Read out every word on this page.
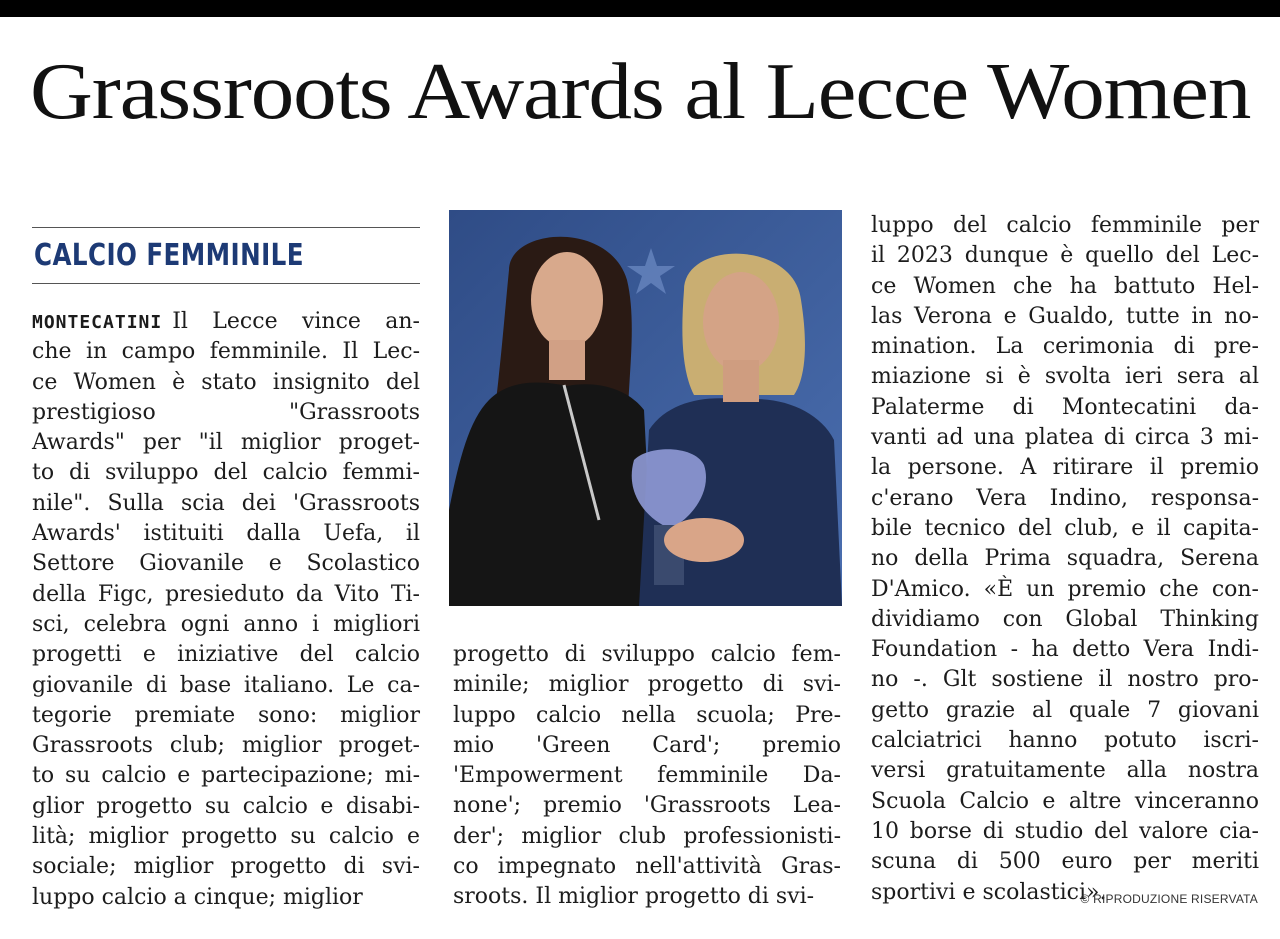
Grassroots Awards al Lecce Women
CALCIO FEMMINILE
MONTECATINI Il Lecce vince an-
che in campo femminile. Il Lec-
ce Women è stato insignito del
prestigioso "Grassroots
Awards" per "il miglior proget-
to di sviluppo del calcio femmi-
nile". Sulla scia dei 'Grassroots
Awards' istituiti dalla Uefa, il
Settore Giovanile e Scolastico
della Figc, presieduto da Vito Ti-
sci, celebra ogni anno i migliori
progetti e iniziative del calcio
giovanile di base italiano. Le ca-
tegorie premiate sono: miglior
Grassroots club; miglior proget-
to su calcio e partecipazione; mi-
glior progetto su calcio e disabi-
lità; miglior progetto su calcio e
sociale; miglior progetto di svi-
luppo calcio a cinque; miglior
progetto di sviluppo calcio fem-
minile; miglior progetto di svi-
luppo calcio nella scuola; Pre-
mio 'Green Card'; premio
'Empowerment femminile Da-
none'; premio 'Grassroots Lea-
der'; miglior club professionisti-
co impegnato nell'attività Gras-
sroots. Il miglior progetto di svi-
luppo del calcio femminile per
il 2023 dunque è quello del Lec-
ce Women che ha battuto Hel-
las Verona e Gualdo, tutte in no-
mination. La cerimonia di pre-
miazione si è svolta ieri sera al
Palaterme di Montecatini da-
vanti ad una platea di circa 3 mi-
la persone. A ritirare il premio
c'erano Vera Indino, responsa-
bile tecnico del club, e il capita-
no della Prima squadra, Serena
D'Amico. «È un premio che con-
dividiamo con Global Thinking
Foundation - ha detto Vera Indi-
no -. Glt sostiene il nostro pro-
getto grazie al quale 7 giovani
calciatrici hanno potuto iscri-
versi gratuitamente alla nostra
Scuola Calcio e altre vinceranno
10 borse di studio del valore cia-
scuna di 500 euro per meriti
sportivi e scolastici».
© RIPRODUZIONE RISERVATA
